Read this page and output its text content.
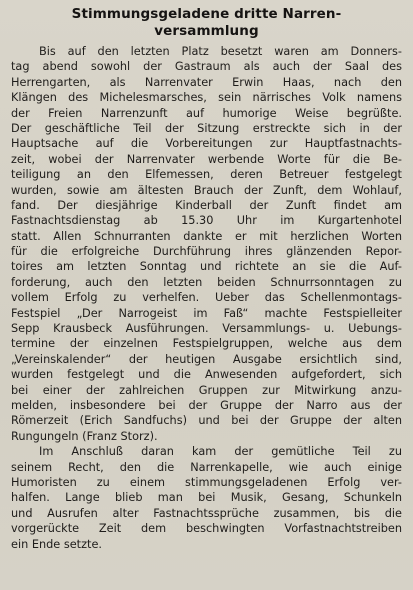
Stimmungsgeladene dritte Narren-
versammlung
Bis auf den letzten Platz besetzt waren am Donners-
tag abend sowohl der Gastraum als auch der Saal des
Herrengarten, als Narrenvater Erwin Haas, nach den
Klängen des Michelesmarsches, sein närrisches Volk namens
der Freien Narrenzunft auf humorige Weise begrüßte.
Der geschäftliche Teil der Sitzung erstreckte sich in der
Hauptsache auf die Vorbereitungen zur Hauptfastnachts-
zeit, wobei der Narrenvater werbende Worte für die Be-
teiligung an den Elfemessen, deren Betreuer festgelegt
wurden, sowie am ältesten Brauch der Zunft, dem Wohlauf,
fand. Der diesjährige Kinderball der Zunft findet am
Fastnachtsdienstag ab 15.30 Uhr im Kurgartenhotel
statt. Allen Schnurranten dankte er mit herzlichen Worten
für die erfolgreiche Durchführung ihres glänzenden Repor-
toires am letzten Sonntag und richtete an sie die Auf-
forderung, auch den letzten beiden Schnurrsonntagen zu
vollem Erfolg zu verhelfen. Ueber das Schellenmontags-
Festspiel „Der Narrogeist im Faß“ machte Festspielleiter
Sepp Krausbeck Ausführungen. Versammlungs- u. Uebungs-
termine der einzelnen Festspielgruppen, welche aus dem
„Vereinskalender“ der heutigen Ausgabe ersichtlich sind,
wurden festgelegt und die Anwesenden aufgefordert, sich
bei einer der zahlreichen Gruppen zur Mitwirkung anzu-
melden, insbesondere bei der Gruppe der Narro aus der
Römerzeit (Erich Sandfuchs) und bei der Gruppe der alten
Rungungeln (Franz Storz).
Im Anschluß daran kam der gemütliche Teil zu
seinem Recht, den die Narrenkapelle, wie auch einige
Humoristen zu einem stimmungsgeladenen Erfolg ver-
halfen. Lange blieb man bei Musik, Gesang, Schunkeln
und Ausrufen alter Fastnachtssprüche zusammen, bis die
vorgerückte Zeit dem beschwingten Vorfastnachtstreiben
ein Ende setzte.
